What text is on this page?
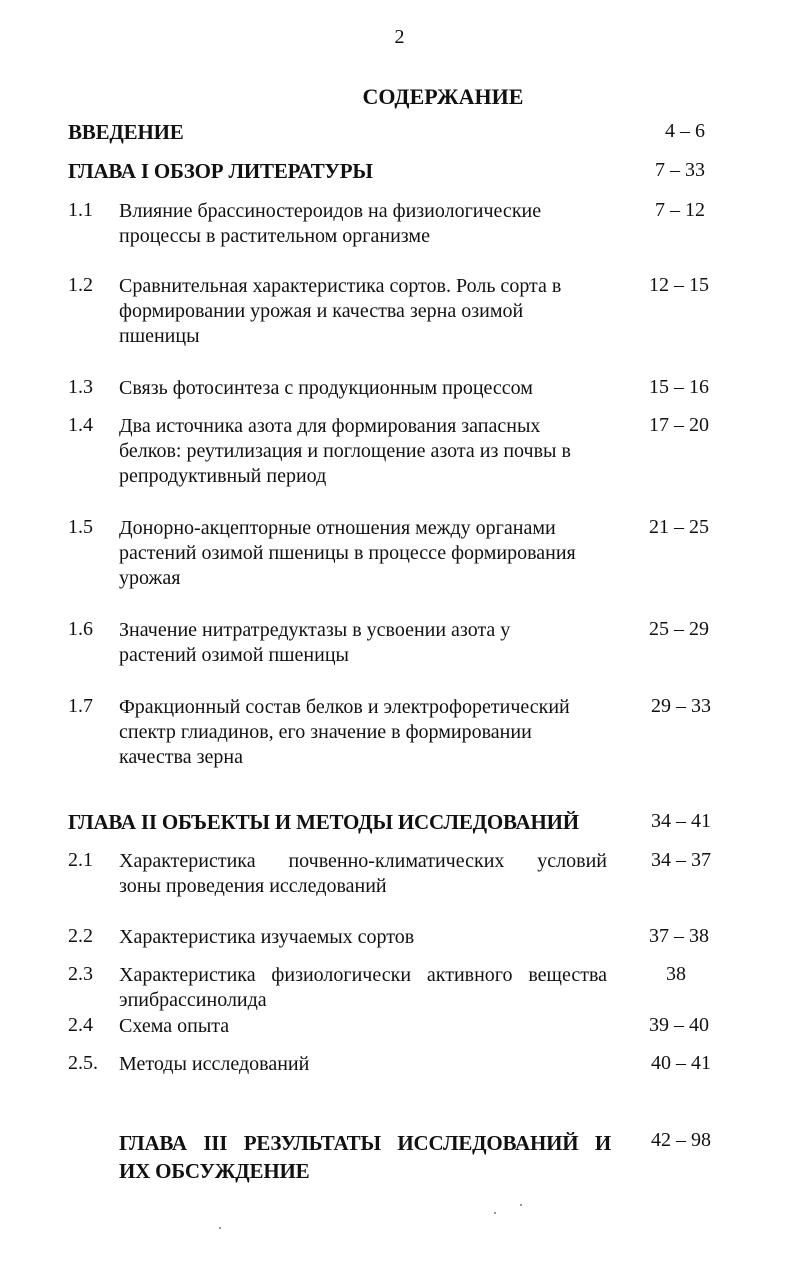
2
СОДЕРЖАНИЕ
ВВЕДЕНИЕ	4 – 6
ГЛАВА I ОБЗОР ЛИТЕРАТУРЫ	7 – 33
1.1 Влияние брассиностероидов на физиологические
процессы в растительном организме
7 – 12
1.2 Сравнительная характеристика сортов. Роль сорта в
формировании урожая и качества зерна озимой
пшеницы
12 – 15
1.3 Связь фотосинтеза с продукционным процессом	15 – 16
1.4 Два источника азота для формирования запасных
белков: реутилизация и поглощение азота из почвы в
репродуктивный период
17 – 20
1.5 Донорно-акцепторные отношения между органами
растений озимой пшеницы в процессе формирования
урожая
21 – 25
1.6 Значение нитратредуктазы в усвоении азота у
растений озимой пшеницы
25 – 29
1.7 Фракционный состав белков и электрофоретический
спектр глиадинов, его значение в формировании
качества зерна
29 – 33
ГЛАВА II ОБЪЕКТЫ И МЕТОДЫ ИССЛЕДОВАНИЙ	34 – 41
2.1 Характеристика почвенно-климатических условий
зоны проведения исследований
34 – 37
2.2 Характеристика изучаемых сортов	37 – 38
2.3 Характеристика физиологически активного вещества
эпибрассинолида
38
2.4 Схема опыта	39 – 40
2.5. Методы исследований	40 – 41
ГЛАВА III РЕЗУЛЬТАТЫ ИССЛЕДОВАНИЙ И
ИХ ОБСУЖДЕНИЕ
42 – 98
